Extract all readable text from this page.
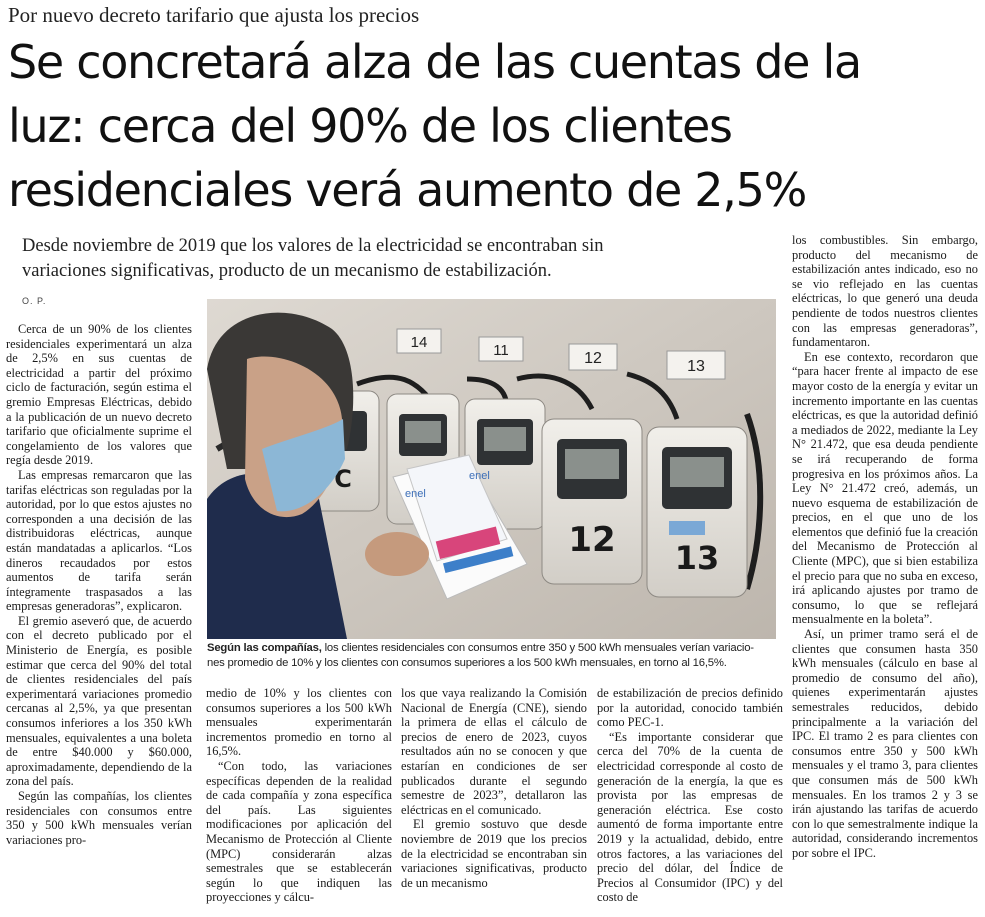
Por nuevo decreto tarifario que ajusta los precios
Se concretará alza de las cuentas de la
luz: cerca del 90% de los clientes
residenciales verá aumento de 2,5%

Desde noviembre de 2019 que los valores de la electricidad se encontraban sin
variaciones significativas, producto de un mecanismo de estabilización.

O. P.

Cerca de un 90% de los clientes residenciales experimentará un alza de 2,5% en sus cuentas de electricidad a partir del próximo ciclo de facturación, según estima el gremio Empresas Eléctricas, debido a la publicación de un nuevo decreto tarifario que oficialmente suprime el congelamiento de los valores que regía desde 2019.

Las empresas remarcaron que las tarifas eléctricas son reguladas por la autoridad, por lo que estos ajustes no corresponden a una decisión de las distribuidoras eléctricas, aunque están mandatadas a aplicarlos. “Los dineros recaudados por estos aumentos de tarifa serán íntegramente traspasados a las empresas generadoras”, explicaron.

El gremio aseveró que, de acuerdo con el decreto publicado por el Ministerio de Energía, es posible estimar que cerca del 90% del total de clientes residenciales del país experimentará variaciones promedio cercanas al 2,5%, ya que presentan consumos inferiores a los 350 kWh mensuales, equivalentes a una boleta de entre $40.000 y $60.000, aproximadamente, dependiendo de la zona del país.

Según las compañías, los clientes residenciales con consumos entre 350 y 500 kWh mensuales verían variaciones pro-

14	11	12	13
C
12 13
enel
enel

Según las compañías, los clientes residenciales con consumos entre 350 y 500 kWh mensuales verían variacio-
nes promedio de 10% y los clientes con consumos superiores a los 500 kWh mensuales, en torno al 16,5%.

medio de 10% y los clientes con consumos superiores a los 500 kWh mensuales experimentarán incrementos promedio en torno al 16,5%.

“Con todo, las variaciones específicas dependen de la realidad de cada compañía y zona específica del país. Las siguientes modificaciones por aplicación del Mecanismo de Protección al Cliente (MPC) considerarán alzas semestrales que se establecerán según lo que indiquen las proyecciones y cálcu-

los que vaya realizando la Comisión Nacional de Energía (CNE), siendo la primera de ellas el cálculo de precios de enero de 2023, cuyos resultados aún no se conocen y que estarían en condiciones de ser publicados durante el segundo semestre de 2023”, detallaron las eléctricas en el comunicado.

El gremio sostuvo que desde noviembre de 2019 que los precios de la electricidad se encontraban sin variaciones significativas, producto de un mecanismo

de estabilización de precios definido por la autoridad, conocido también como PEC-1.

“Es importante considerar que cerca del 70% de la cuenta de electricidad corresponde al costo de generación de la energía, la que es provista por las empresas de generación eléctrica. Ese costo aumentó de forma importante entre 2019 y la actualidad, debido, entre otros factores, a las variaciones del precio del dólar, del Índice de Precios al Consumidor (IPC) y del costo de

los combustibles. Sin embargo, producto del mecanismo de estabilización antes indicado, eso no se vio reflejado en las cuentas eléctricas, lo que generó una deuda pendiente de todos nuestros clientes con las empresas generadoras”, fundamentaron.

En ese contexto, recordaron que “para hacer frente al impacto de ese mayor costo de la energía y evitar un incremento importante en las cuentas eléctricas, es que la autoridad definió a mediados de 2022, mediante la Ley N° 21.472, que esa deuda pendiente se irá recuperando de forma progresiva en los próximos años. La Ley N° 21.472 creó, además, un nuevo esquema de estabilización de precios, en el que uno de los elementos que definió fue la creación del Mecanismo de Protección al Cliente (MPC), que si bien estabiliza el precio para que no suba en exceso, irá aplicando ajustes por tramo de consumo, lo que se reflejará mensualmente en la boleta”.

Así, un primer tramo será el de clientes que consumen hasta 350 kWh mensuales (cálculo en base al promedio de consumo del año), quienes experimentarán ajustes semestrales reducidos, debido principalmente a la variación del IPC. El tramo 2 es para clientes con consumos entre 350 y 500 kWh mensuales y el tramo 3, para clientes que consumen más de 500 kWh mensuales. En los tramos 2 y 3 se irán ajustando las tarifas de acuerdo con lo que semestralmente indique la autoridad, considerando incrementos por sobre el IPC.
